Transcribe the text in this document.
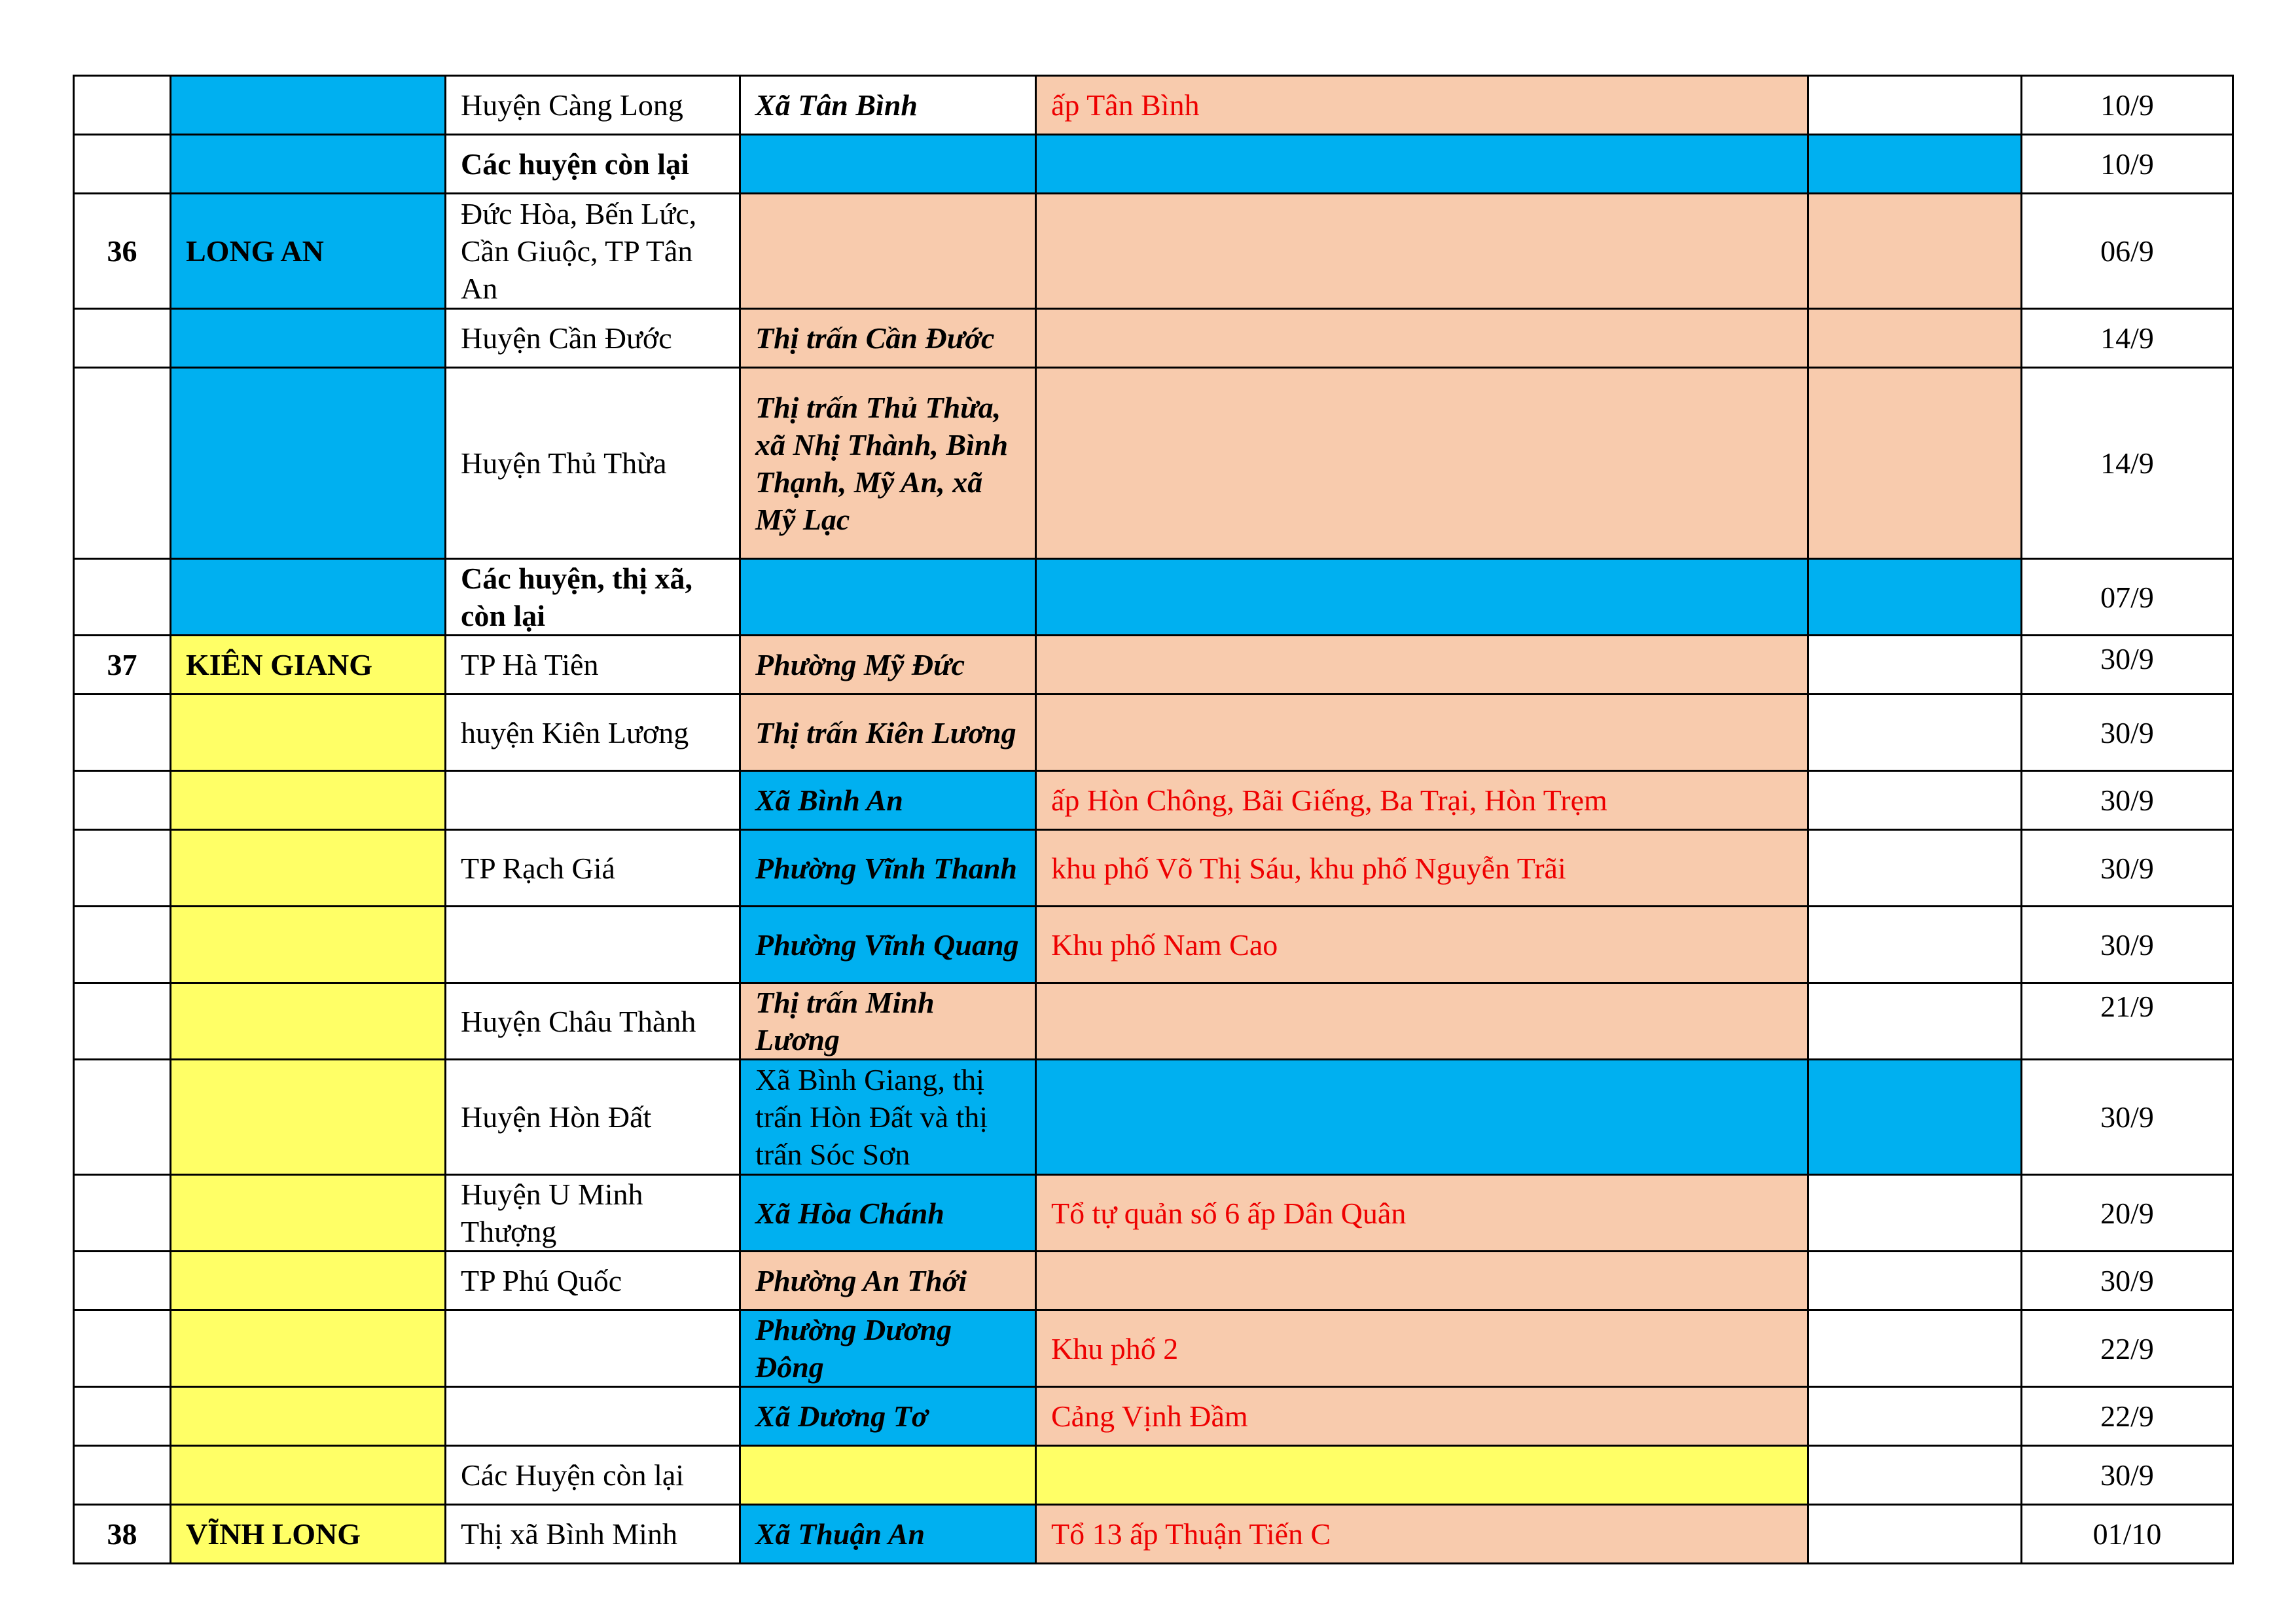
		Huyện Càng Long	Xã Tân Bình	ấp Tân Bình		10/9
		Các huyện còn lại				10/9
36	LONG AN	Đức Hòa, Bến Lức, Cần Giuộc, TP Tân An				06/9
		Huyện Cần Đước	Thị trấn Cần Đước			14/9
		Huyện Thủ Thừa	Thị trấn Thủ Thừa, xã Nhị Thành, Bình Thạnh, Mỹ An, xã Mỹ Lạc			14/9
		Các huyện, thị xã, còn lại				07/9
37	KIÊN GIANG	TP Hà Tiên	Phường Mỹ Đức			30/9
		huyện Kiên Lương	Thị trấn Kiên Lương			30/9
			Xã Bình An	ấp Hòn Chông, Bãi Giếng, Ba Trại, Hòn Trẹm		30/9
		TP Rạch Giá	Phường Vĩnh Thanh	khu phố Võ Thị Sáu, khu phố Nguyễn Trãi		30/9
			Phường Vĩnh Quang	Khu phố Nam Cao		30/9
		Huyện Châu Thành	Thị trấn Minh Lương			21/9
		Huyện Hòn Đất	Xã Bình Giang, thị trấn Hòn Đất và thị trấn Sóc Sơn			30/9
		Huyện U Minh Thượng	Xã Hòa Chánh	Tổ tự quản số 6 ấp Dân Quân		20/9
		TP Phú Quốc	Phường An Thới			30/9
			Phường Dương Đông	Khu phố 2		22/9
			Xã Dương Tơ	Cảng Vịnh Đầm		22/9
		Các Huyện còn lại				30/9
38	VĨNH LONG	Thị xã Bình Minh	Xã Thuận An	Tổ 13 ấp Thuận Tiến C		01/10
